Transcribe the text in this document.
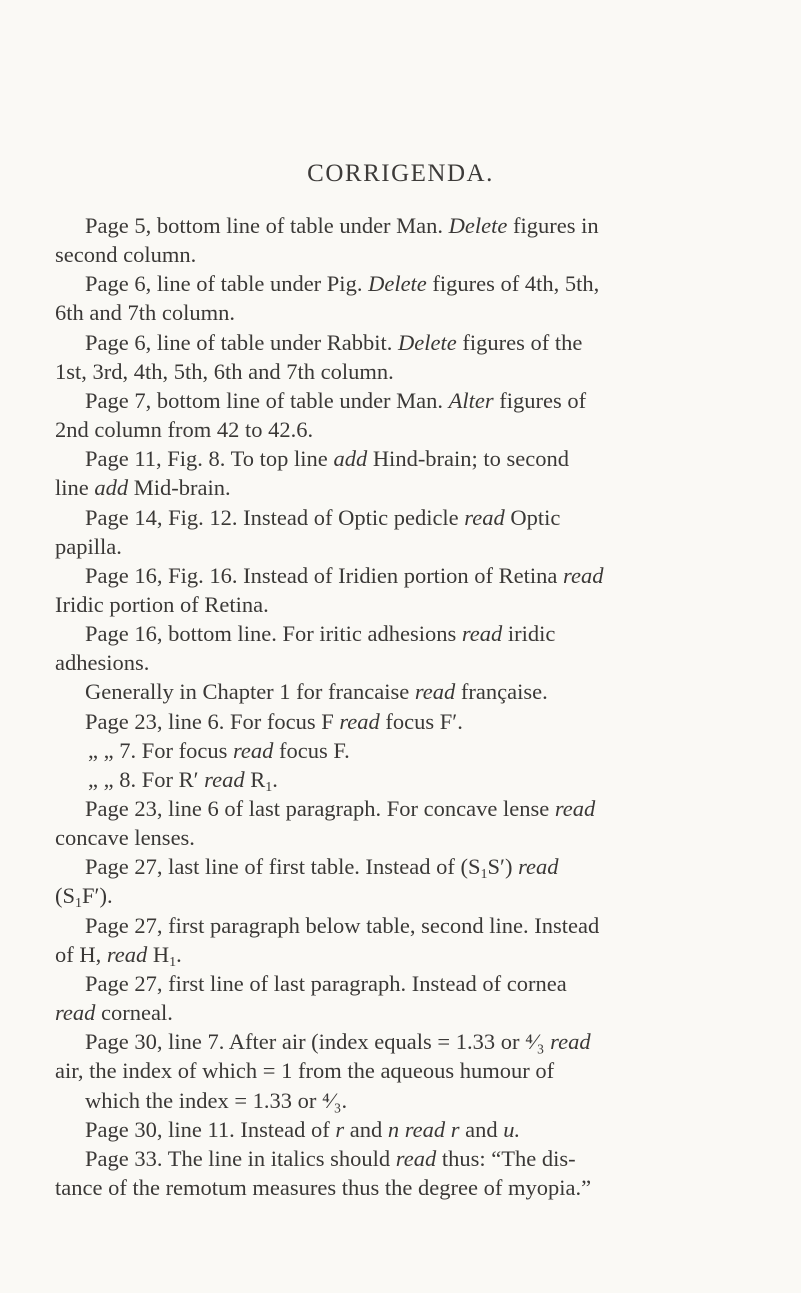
CORRIGENDA.
Page 5, bottom line of table under Man. Delete figures in
second column.
Page 6, line of table under Pig. Delete figures of 4th, 5th,
6th and 7th column.
Page 6, line of table under Rabbit. Delete figures of the
1st, 3rd, 4th, 5th, 6th and 7th column.
Page 7, bottom line of table under Man. Alter figures of
2nd column from 42 to 42.6.
Page 11, Fig. 8. To top line add Hind-brain; to second
line add Mid-brain.
Page 14, Fig. 12. Instead of Optic pedicle read Optic
papilla.
Page 16, Fig. 16. Instead of Iridien portion of Retina read
Iridic portion of Retina.
Page 16, bottom line. For iritic adhesions read iridic
adhesions.
Generally in Chapter 1 for francaise read française.
Page 23, line 6. For focus F read focus F′.
„ „ 7. For focus read focus F.
„ „ 8. For R′ read $R_1$.
Page 23, line 6 of last paragraph. For concave lense read
concave lenses.
Page 27, last line of first table. Instead of $(S_1S')$ read
$(S_1F')$.
Page 27, first paragraph below table, second line. Instead
of H, read $H_1$.
Page 27, first line of last paragraph. Instead of cornea
read corneal.
Page 30, line 7. After air (index equals = 1.33 or ⁴⁄₃ read
air, the index of which = 1 from the aqueous humour of
which the index = 1.33 or ⁴⁄₃.
Page 30, line 11. Instead of r and n read r and u.
Page 33. The line in italics should read thus: “The dis-
tance of the remotum measures thus the degree of myopia.”
